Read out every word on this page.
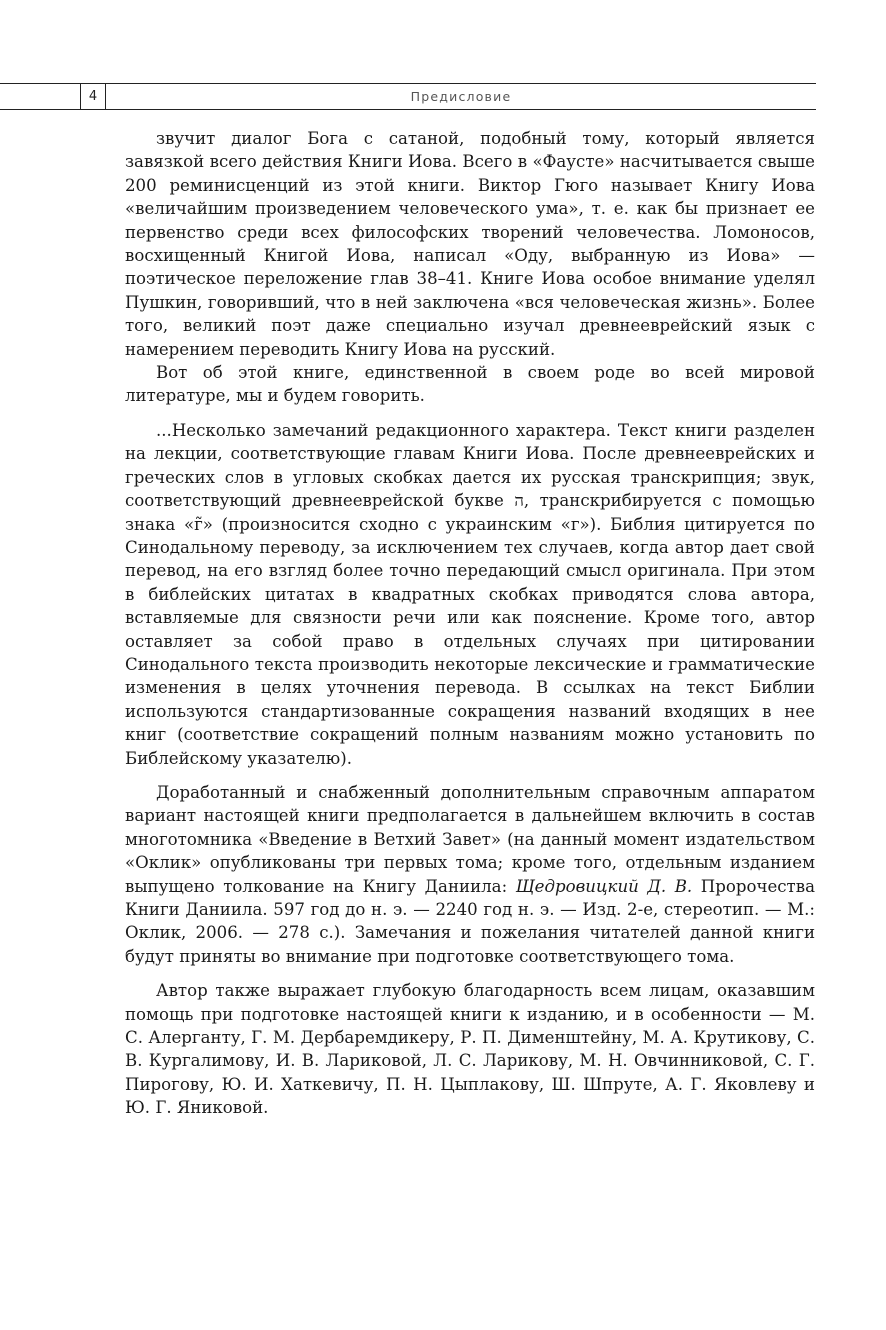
4	Предисловие

звучит диалог Бога с сатаной, подобный тому, который является завязкой всего действия Книги Иова. Всего в «Фаусте» насчитывается свыше 200 реминисценций из этой книги. Виктор Гюго называет Книгу Иова «величайшим произведением человеческого ума», т. е. как бы признает ее первенство среди всех философских творений человечества. Ломоносов, восхищенный Книгой Иова, написал «Оду, выбранную из Иова» — поэтическое переложение глав 38–41. Книге Иова особое внимание уделял Пушкин, говоривший, что в ней заключена «вся человеческая жизнь». Более того, великий поэт даже специально изучал древнееврейский язык с намерением переводить Книгу Иова на русский.

Вот об этой книге, единственной в своем роде во всей мировой литературе, мы и будем говорить.

...Несколько замечаний редакционного характера. Текст книги разделен на лекции, соответствующие главам Книги Иова. После древнееврейских и греческих слов в угловых скобках дается их русская транскрипция; звук, соответствующий древнееврейской букве ה, транскрибируется с помощью знака «г̃» (произносится сходно с украинским «г»). Библия цитируется по Синодальному переводу, за исключением тех случаев, когда автор дает свой перевод, на его взгляд более точно передающий смысл оригинала. При этом в библейских цитатах в квадратных скобках приводятся слова автора, вставляемые для связности речи или как пояснение. Кроме того, автор оставляет за собой право в отдельных случаях при цитировании Синодального текста производить некоторые лексические и грамматические изменения в целях уточнения перевода. В ссылках на текст Библии используются стандартизованные сокращения названий входящих в нее книг (соответствие сокращений полным названиям можно установить по Библейскому указателю).

Доработанный и снабженный дополнительным справочным аппаратом вариант настоящей книги предполагается в дальнейшем включить в состав многотомника «Введение в Ветхий Завет» (на данный момент издательством «Оклик» опубликованы три первых тома; кроме того, отдельным изданием выпущено толкование на Книгу Даниила: Щедровицкий Д. В. Пророчества Книги Даниила. 597 год до н. э. — 2240 год н. э. — Изд. 2-е, стереотип. — М.: Оклик, 2006. — 278 с.). Замечания и пожелания читателей данной книги будут приняты во внимание при подготовке соответствующего тома.

Автор также выражает глубокую благодарность всем лицам, оказавшим помощь при подготовке настоящей книги к изданию, и в особенности — М. С. Алерганту, Г. М. Дербаремдикеру, Р. П. Дименштейну, М. А. Крутикову, С. В. Кургалимову, И. В. Лариковой, Л. С. Ларикову, М. Н. Овчинниковой, С. Г. Пирогову, Ю. И. Хаткевичу, П. Н. Цыплакову, Ш. Шпруте, А. Г. Яковлеву и Ю. Г. Яниковой.
